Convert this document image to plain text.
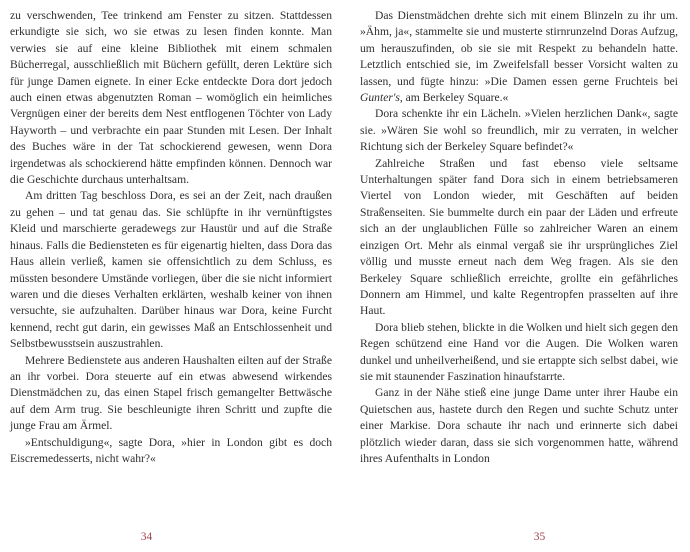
zu verschwenden, Tee trinkend am Fenster zu sitzen. Stattdessen erkundigte sie sich, wo sie etwas zu lesen finden konnte. Man verwies sie auf eine kleine Bibliothek mit einem schmalen Bücherregal, ausschließlich mit Büchern gefüllt, deren Lektüre sich für junge Damen eignete. In einer Ecke entdeckte Dora dort jedoch auch einen etwas abgenutzten Roman – womöglich ein heimliches Vergnügen einer der bereits dem Nest entflogenen Töchter von Lady Hayworth – und verbrachte ein paar Stunden mit Lesen. Der Inhalt des Buches wäre in der Tat schockierend gewesen, wenn Dora irgendetwas als schockierend hätte empfinden können. Dennoch war die Geschichte durchaus unterhaltsam.

Am dritten Tag beschloss Dora, es sei an der Zeit, nach draußen zu gehen – und tat genau das. Sie schlüpfte in ihr vernünftigstes Kleid und marschierte geradewegs zur Haustür und auf die Straße hinaus. Falls die Bediensteten es für eigenartig hielten, dass Dora das Haus allein verließ, kamen sie offensichtlich zu dem Schluss, es müssten besondere Umstände vorliegen, über die sie nicht informiert waren und die dieses Verhalten erklärten, weshalb keiner von ihnen versuchte, sie aufzuhalten. Darüber hinaus war Dora, keine Furcht kennend, recht gut darin, ein gewisses Maß an Entschlossenheit und Selbstbewusstsein auszustrahlen.

Mehrere Bedienstete aus anderen Haushalten eilten auf der Straße an ihr vorbei. Dora steuerte auf ein etwas abwesend wirkendes Dienstmädchen zu, das einen Stapel frisch gemangelter Bettwäsche auf dem Arm trug. Sie beschleunigte ihren Schritt und zupfte die junge Frau am Ärmel.

»Entschuldigung«, sagte Dora, »hier in London gibt es doch Eiscremedesserts, nicht wahr?«

34

Das Dienstmädchen drehte sich mit einem Blinzeln zu ihr um. »Ähm, ja«, stammelte sie und musterte stirnrunzelnd Doras Aufzug, um herauszufinden, ob sie sie mit Respekt zu behandeln hatte. Letztlich entschied sie, im Zweifelsfall besser Vorsicht walten zu lassen, und fügte hinzu: »Die Damen essen gerne Fruchteis bei Gunter's, am Berkeley Square.«

Dora schenkte ihr ein Lächeln. »Vielen herzlichen Dank«, sagte sie. »Wären Sie wohl so freundlich, mir zu verraten, in welcher Richtung sich der Berkeley Square befindet?«

Zahlreiche Straßen und fast ebenso viele seltsame Unterhaltungen später fand Dora sich in einem betriebsameren Viertel von London wieder, mit Geschäften auf beiden Straßenseiten. Sie bummelte durch ein paar der Läden und erfreute sich an der unglaublichen Fülle so zahlreicher Waren an einem einzigen Ort. Mehr als einmal vergaß sie ihr ursprüngliches Ziel völlig und musste erneut nach dem Weg fragen. Als sie den Berkeley Square schließlich erreichte, grollte ein gefährliches Donnern am Himmel, und kalte Regentropfen prasselten auf ihre Haut.

Dora blieb stehen, blickte in die Wolken und hielt sich gegen den Regen schützend eine Hand vor die Augen. Die Wolken waren dunkel und unheilverheißend, und sie ertappte sich selbst dabei, wie sie mit staunender Faszination hinaufstarrte.

Ganz in der Nähe stieß eine junge Dame unter ihrer Haube ein Quietschen aus, hastete durch den Regen und suchte Schutz unter einer Markise. Dora schaute ihr nach und erinnerte sich dabei plötzlich wieder daran, dass sie sich vorgenommen hatte, während ihres Aufenthalts in London

35
